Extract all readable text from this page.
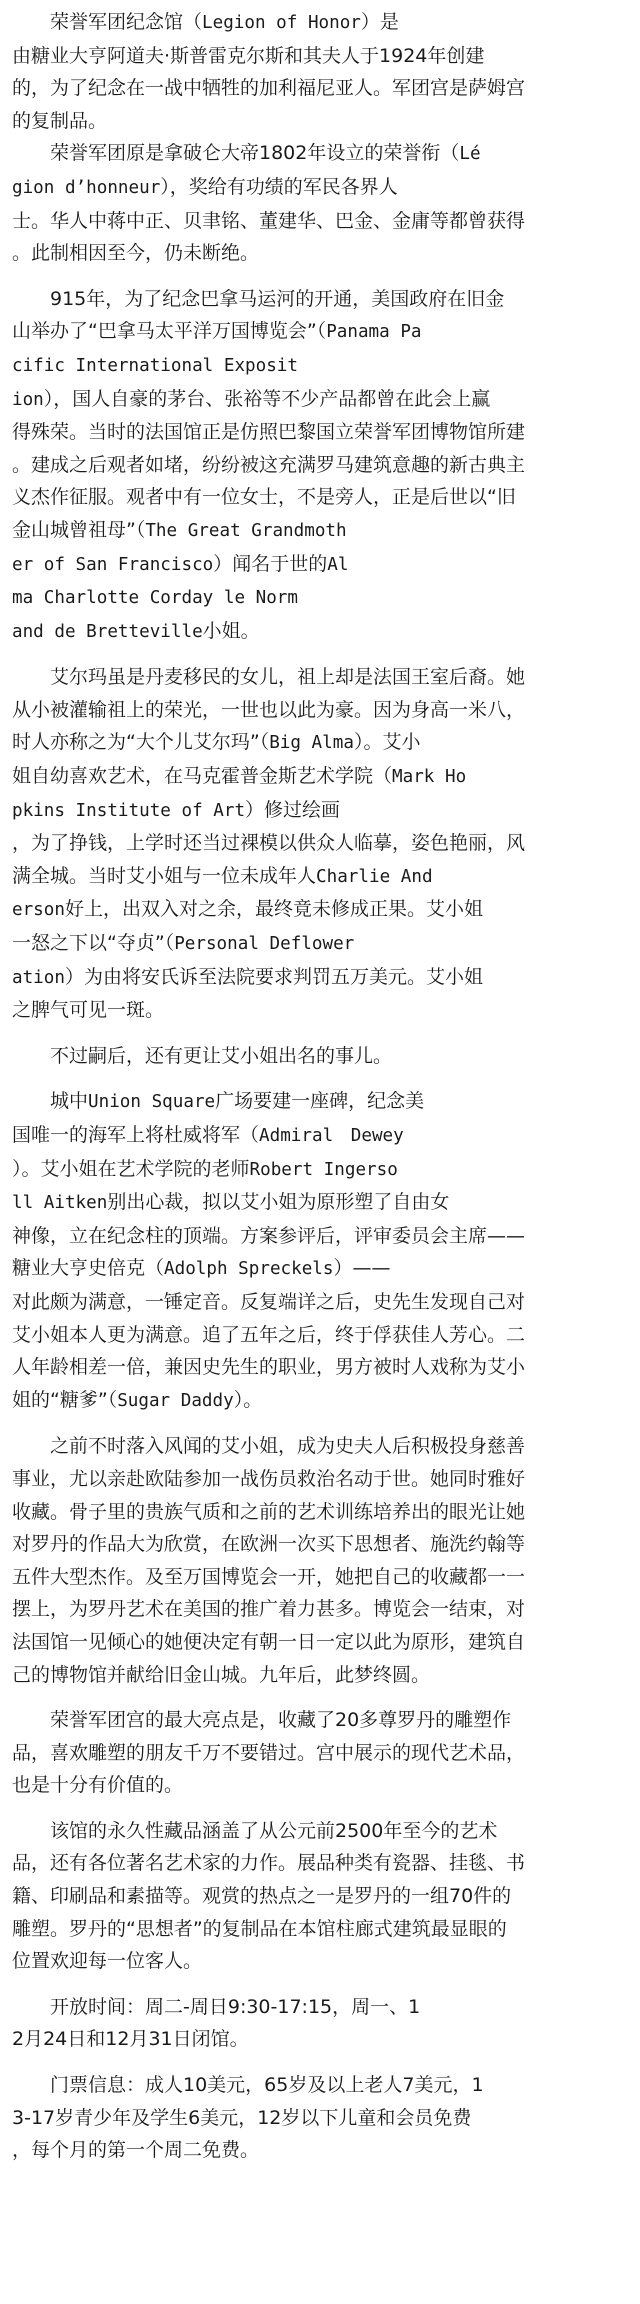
　　荣誉军团纪念馆（Legion of Honor）是
由糖业大亨阿道夫·斯普雷克尔斯和其夫人于1924年创建
的，为了纪念在一战中牺牲的加利福尼亚人。军团宫是萨姆宫
的复制品。
　　荣誉军团原是拿破仑大帝1802年设立的荣誉衔（Lé
gion d’honneur），奖给有功绩的军民各界人
士。华人中蒋中正、贝聿铭、董建华、巴金、金庸等都曾获得
。此制相因至今，仍未断绝。
　　915年，为了纪念巴拿马运河的开通，美国政府在旧金
山举办了“巴拿马太平洋万国博览会”（Panama Pa
cific International Exposit
ion），国人自豪的茅台、张裕等不少产品都曾在此会上赢
得殊荣。当时的法国馆正是仿照巴黎国立荣誉军团博物馆所建
。建成之后观者如堵，纷纷被这充满罗马建筑意趣的新古典主
义杰作征服。观者中有一位女士，不是旁人，正是后世以“旧
金山城曾祖母”（The Great Grandmoth
er of San Francisco）闻名于世的Al
ma Charlotte Corday le Norm
and de Bretteville小姐。
　　艾尔玛虽是丹麦移民的女儿，祖上却是法国王室后裔。她
从小被灌输祖上的荣光，一世也以此为豪。因为身高一米八，
时人亦称之为“大个儿艾尔玛”（Big Alma）。艾小
姐自幼喜欢艺术，在马克霍普金斯艺术学院（Mark Ho
pkins Institute of Art）修过绘画
，为了挣钱，上学时还当过裸模以供众人临摹，姿色艳丽，风
满全城。当时艾小姐与一位未成年人Charlie And
erson好上，出双入对之余，最终竟未修成正果。艾小姐
一怒之下以“夺贞”（Personal Deflower
ation）为由将安氏诉至法院要求判罚五万美元。艾小姐
之脾气可见一斑。
　　不过嗣后，还有更让艾小姐出名的事儿。
　　城中Union Square广场要建一座碑，纪念美
国唯一的海军上将杜威将军（Admiral　Dewey
）。艾小姐在艺术学院的老师Robert Ingerso
ll Aitken别出心裁，拟以艾小姐为原形塑了自由女
神像，立在纪念柱的顶端。方案参评后，评审委员会主席——
糖业大亨史倍克（Adolph Spreckels）——
对此颇为满意，一锤定音。反复端详之后，史先生发现自己对
艾小姐本人更为满意。追了五年之后，终于俘获佳人芳心。二
人年龄相差一倍，兼因史先生的职业，男方被时人戏称为艾小
姐的“糖爹”（Sugar Daddy）。
　　之前不时落入风闻的艾小姐，成为史夫人后积极投身慈善
事业，尤以亲赴欧陆参加一战伤员救治名动于世。她同时雅好
收藏。骨子里的贵族气质和之前的艺术训练培养出的眼光让她
对罗丹的作品大为欣赏，在欧洲一次买下思想者、施洗约翰等
五件大型杰作。及至万国博览会一开，她把自己的收藏都一一
摆上，为罗丹艺术在美国的推广着力甚多。博览会一结束，对
法国馆一见倾心的她便决定有朝一日一定以此为原形，建筑自
己的博物馆并献给旧金山城。九年后，此梦终圆。
　　荣誉军团宫的最大亮点是，收藏了20多尊罗丹的雕塑作
品，喜欢雕塑的朋友千万不要错过。宫中展示的现代艺术品，
也是十分有价值的。
　　该馆的永久性藏品涵盖了从公元前2500年至今的艺术
品，还有各位著名艺术家的力作。展品种类有瓷器、挂毯、书
籍、印刷品和素描等。观赏的热点之一是罗丹的一组70件的
雕塑。罗丹的“思想者”的复制品在本馆柱廊式建筑最显眼的
位置欢迎每一位客人。
　　开放时间：周二-周日9:30-17:15，周一、1
2月24日和12月31日闭馆。
　　门票信息：成人10美元，65岁及以上老人7美元，1
3-17岁青少年及学生6美元，12岁以下儿童和会员免费
，每个月的第一个周二免费。
